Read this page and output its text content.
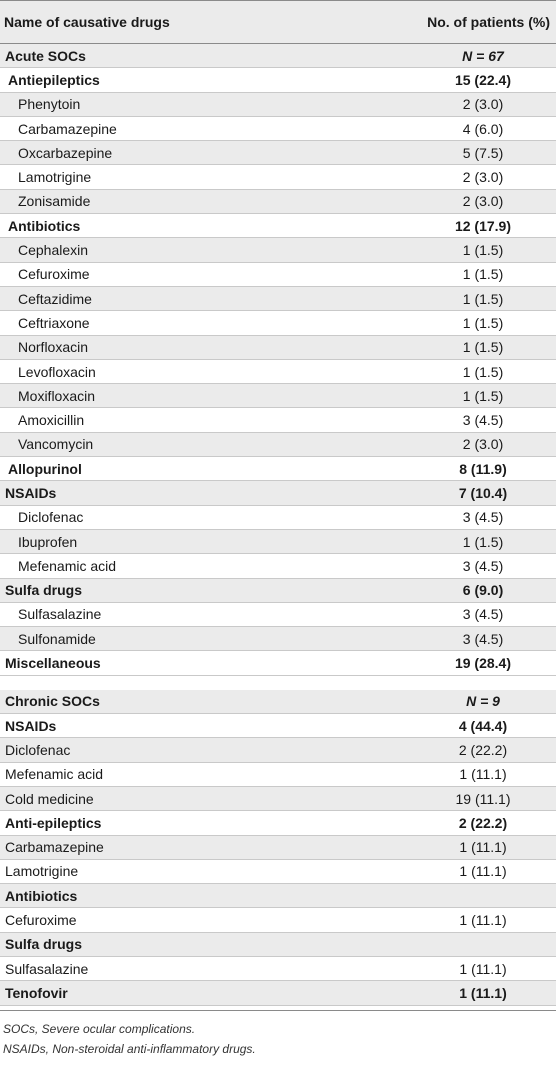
Name of causative drugs	No. of patients (%)
Acute SOCs	N = 67
Antiepileptics	15 (22.4)
Phenytoin	2 (3.0)
Carbamazepine	4 (6.0)
Oxcarbazepine	5 (7.5)
Lamotrigine	2 (3.0)
Zonisamide	2 (3.0)
Antibiotics	12 (17.9)
Cephalexin	1 (1.5)
Cefuroxime	1 (1.5)
Ceftazidime	1 (1.5)
Ceftriaxone	1 (1.5)
Norfloxacin	1 (1.5)
Levofloxacin	1 (1.5)
Moxifloxacin	1 (1.5)
Amoxicillin	3 (4.5)
Vancomycin	2 (3.0)
Allopurinol	8 (11.9)
NSAIDs	7 (10.4)
Diclofenac	3 (4.5)
Ibuprofen	1 (1.5)
Mefenamic acid	3 (4.5)
Sulfa drugs	6 (9.0)
Sulfasalazine	3 (4.5)
Sulfonamide	3 (4.5)
Miscellaneous	19 (28.4)
Chronic SOCs	N = 9
NSAIDs	4 (44.4)
Diclofenac	2 (22.2)
Mefenamic acid	1 (11.1)
Cold medicine	19 (11.1)
Anti-epileptics	2 (22.2)
Carbamazepine	1 (11.1)
Lamotrigine	1 (11.1)
Antibiotics
Cefuroxime	1 (11.1)
Sulfa drugs
Sulfasalazine	1 (11.1)
Tenofovir	1 (11.1)
SOCs, Severe ocular complications.
NSAIDs, Non-steroidal anti-inflammatory drugs.
